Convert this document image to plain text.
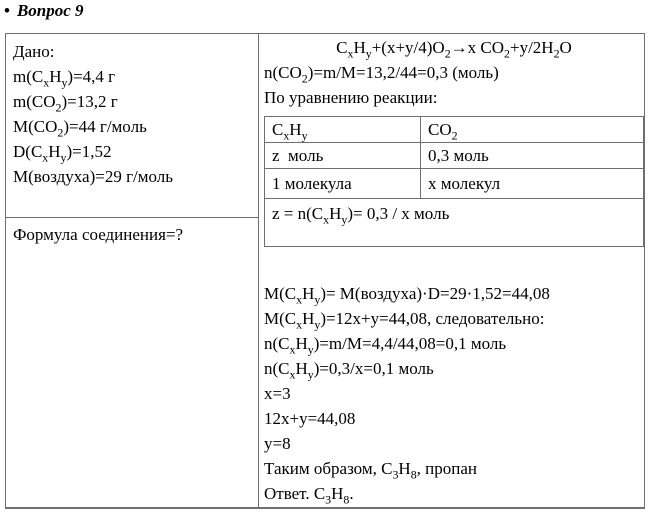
• Вопрос 9
Дано:
$m(C_xH_y)=4,4$ г
$m(CO_2)=13,2$ г
$M(CO_2)=44$ г/моль
$D(C_xH_y)=1,52$
M(воздуха)=29 г/моль
Формула соединения=?
$C_xH_y+(x+y/4)O_2\to x$ $CO_2+y/2H_2O$
$n(CO_2)=m/M=13,2/44=0,3$ (моль)
По уравнению реакции:
$C_xH_y$	$CO_2$
z  моль	0,3 моль
1 молекула	х молекул
$z = n(C_xH_y)= 0,3 / х$ моль	
$M(C_xH_y)=$ M(воздуха)·D=29·1,52=44,08
$M(C_xH_y)=12x+y=44,08$, следовательно:
$n(C_xH_y)=m/M=4,4/44,08=0,1$ моль
$n(C_xH_y)=0,3/x=0,1$ моль
x=3
12x+y=44,08
y=8
Таким образом, $C_3H_8$, пропан
Ответ. $C_3H_8$.
